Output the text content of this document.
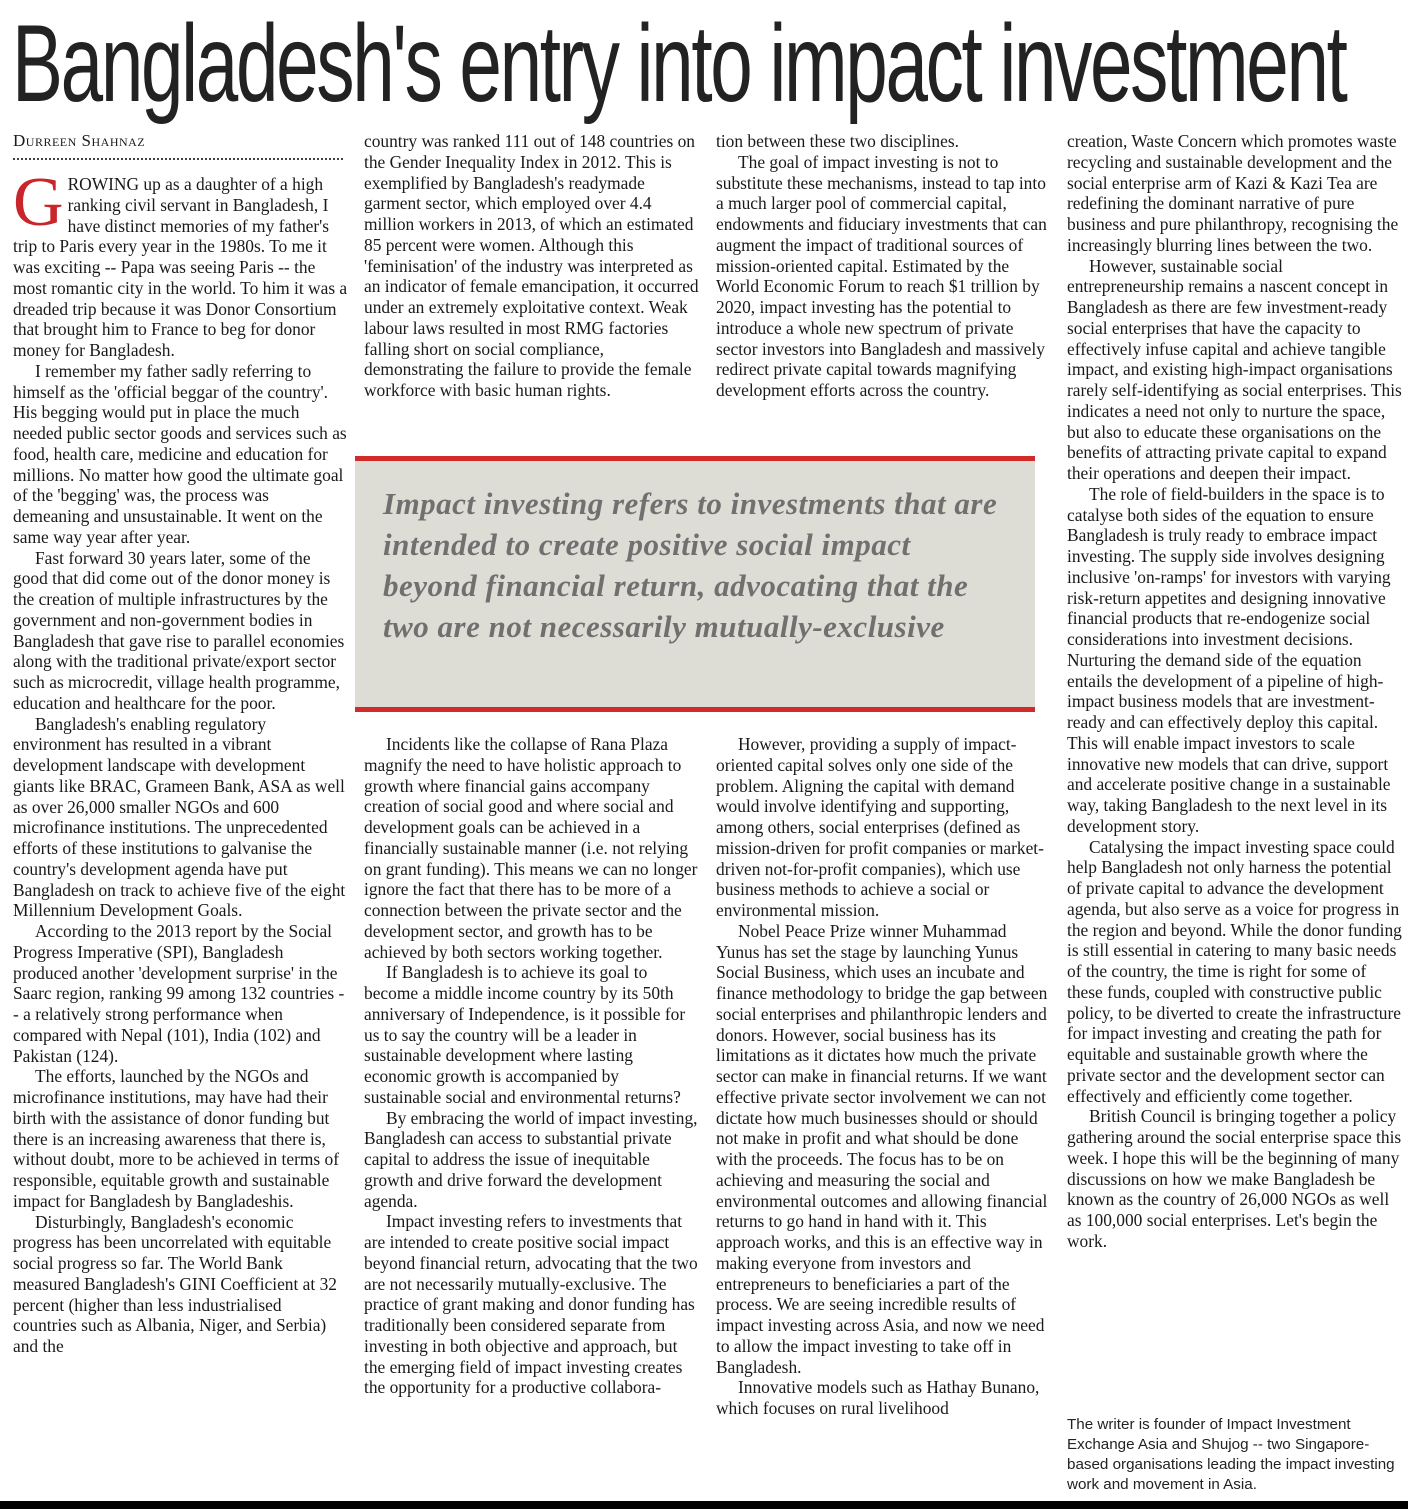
Bangladesh's entry into impact investment
Durreen Shahnaz

GROWING up as a daughter of a high ranking civil servant in Bangladesh, I have distinct memories of my father's trip to Paris every year in the 1980s. To me it was exciting -- Papa was seeing Paris -- the most romantic city in the world. To him it was a dreaded trip because it was Donor Consortium that brought him to France to beg for donor money for Bangladesh.

I remember my father sadly referring to himself as the 'official beggar of the country'. His begging would put in place the much needed public sector goods and services such as food, health care, medicine and education for millions. No matter how good the ultimate goal of the 'begging' was, the process was demeaning and unsustainable. It went on the same way year after year.

Fast forward 30 years later, some of the good that did come out of the donor money is the creation of multiple infrastructures by the government and non-government bodies in Bangladesh that gave rise to parallel economies along with the traditional private/export sector such as microcredit, village health programme, education and healthcare for the poor.

Bangladesh's enabling regulatory environment has resulted in a vibrant development landscape with development giants like BRAC, Grameen Bank, ASA as well as over 26,000 smaller NGOs and 600 microfinance institutions. The unprecedented efforts of these institutions to galvanise the country's development agenda have put Bangladesh on track to achieve five of the eight Millennium Development Goals.

According to the 2013 report by the Social Progress Imperative (SPI), Bangladesh produced another 'development surprise' in the Saarc region, ranking 99 among 132 countries -- a relatively strong performance when compared with Nepal (101), India (102) and Pakistan (124).

The efforts, launched by the NGOs and microfinance institutions, may have had their birth with the assistance of donor funding but there is an increasing awareness that there is, without doubt, more to be achieved in terms of responsible, equitable growth and sustainable impact for Bangladesh by Bangladeshis.

Disturbingly, Bangladesh's economic progress has been uncorrelated with equitable social progress so far. The World Bank measured Bangladesh's GINI Coefficient at 32 percent (higher than less industrialised countries such as Albania, Niger, and Serbia) and the

country was ranked 111 out of 148 countries on the Gender Inequality Index in 2012. This is exemplified by Bangladesh's readymade garment sector, which employed over 4.4 million workers in 2013, of which an estimated 85 percent were women. Although this 'feminisation' of the industry was interpreted as an indicator of female emancipation, it occurred under an extremely exploitative context. Weak labour laws resulted in most RMG factories falling short on social compliance, demonstrating the failure to provide the female workforce with basic human rights.

tion between these two disciplines.

The goal of impact investing is not to substitute these mechanisms, instead to tap into a much larger pool of commercial capital, endowments and fiduciary investments that can augment the impact of traditional sources of mission-oriented capital. Estimated by the World Economic Forum to reach $1 trillion by 2020, impact investing has the potential to introduce a whole new spectrum of private sector investors into Bangladesh and massively redirect private capital towards magnifying development efforts across the country.

Impact investing refers to investments that are intended to create positive social impact beyond financial return, advocating that the two are not necessarily mutually-exclusive

Incidents like the collapse of Rana Plaza magnify the need to have holistic approach to growth where financial gains accompany creation of social good and where social and development goals can be achieved in a financially sustainable manner (i.e. not relying on grant funding). This means we can no longer ignore the fact that there has to be more of a connection between the private sector and the development sector, and growth has to be achieved by both sectors working together.

If Bangladesh is to achieve its goal to become a middle income country by its 50th anniversary of Independence, is it possible for us to say the country will be a leader in sustainable development where lasting economic growth is accompanied by sustainable social and environmental returns?

By embracing the world of impact investing, Bangladesh can access to substantial private capital to address the issue of inequitable growth and drive forward the development agenda.

Impact investing refers to investments that are intended to create positive social impact beyond financial return, advocating that the two are not necessarily mutually-exclusive. The practice of grant making and donor funding has traditionally been considered separate from investing in both objective and approach, but the emerging field of impact investing creates the opportunity for a productive collabora-

However, providing a supply of impact-oriented capital solves only one side of the problem. Aligning the capital with demand would involve identifying and supporting, among others, social enterprises (defined as mission-driven for profit companies or market-driven not-for-profit companies), which use business methods to achieve a social or environmental mission.

Nobel Peace Prize winner Muhammad Yunus has set the stage by launching Yunus Social Business, which uses an incubate and finance methodology to bridge the gap between social enterprises and philanthropic lenders and donors. However, social business has its limitations as it dictates how much the private sector can make in financial returns. If we want effective private sector involvement we can not dictate how much businesses should or should not make in profit and what should be done with the proceeds. The focus has to be on achieving and measuring the social and environmental outcomes and allowing financial returns to go hand in hand with it. This approach works, and this is an effective way in making everyone from investors and entrepreneurs to beneficiaries a part of the process. We are seeing incredible results of impact investing across Asia, and now we need to allow the impact investing to take off in Bangladesh.

Innovative models such as Hathay Bunano, which focuses on rural livelihood

creation, Waste Concern which promotes waste recycling and sustainable development and the social enterprise arm of Kazi & Kazi Tea are redefining the dominant narrative of pure business and pure philanthropy, recognising the increasingly blurring lines between the two.

However, sustainable social entrepreneurship remains a nascent concept in Bangladesh as there are few investment-ready social enterprises that have the capacity to effectively infuse capital and achieve tangible impact, and existing high-impact organisations rarely self-identifying as social enterprises. This indicates a need not only to nurture the space, but also to educate these organisations on the benefits of attracting private capital to expand their operations and deepen their impact.

The role of field-builders in the space is to catalyse both sides of the equation to ensure Bangladesh is truly ready to embrace impact investing. The supply side involves designing inclusive 'on-ramps' for investors with varying risk-return appetites and designing innovative financial products that re-endogenize social considerations into investment decisions. Nurturing the demand side of the equation entails the development of a pipeline of high-impact business models that are investment-ready and can effectively deploy this capital. This will enable impact investors to scale innovative new models that can drive, support and accelerate positive change in a sustainable way, taking Bangladesh to the next level in its development story.

Catalysing the impact investing space could help Bangladesh not only harness the potential of private capital to advance the development agenda, but also serve as a voice for progress in the region and beyond. While the donor funding is still essential in catering to many basic needs of the country, the time is right for some of these funds, coupled with constructive public policy, to be diverted to create the infrastructure for impact investing and creating the path for equitable and sustainable growth where the private sector and the development sector can effectively and efficiently come together.

British Council is bringing together a policy gathering around the social enterprise space this week. I hope this will be the beginning of many discussions on how we make Bangladesh be known as the country of 26,000 NGOs as well as 100,000 social enterprises. Let's begin the work.

The writer is founder of Impact Investment Exchange Asia and Shujog -- two Singapore-based organisations leading the impact investing work and movement in Asia.
